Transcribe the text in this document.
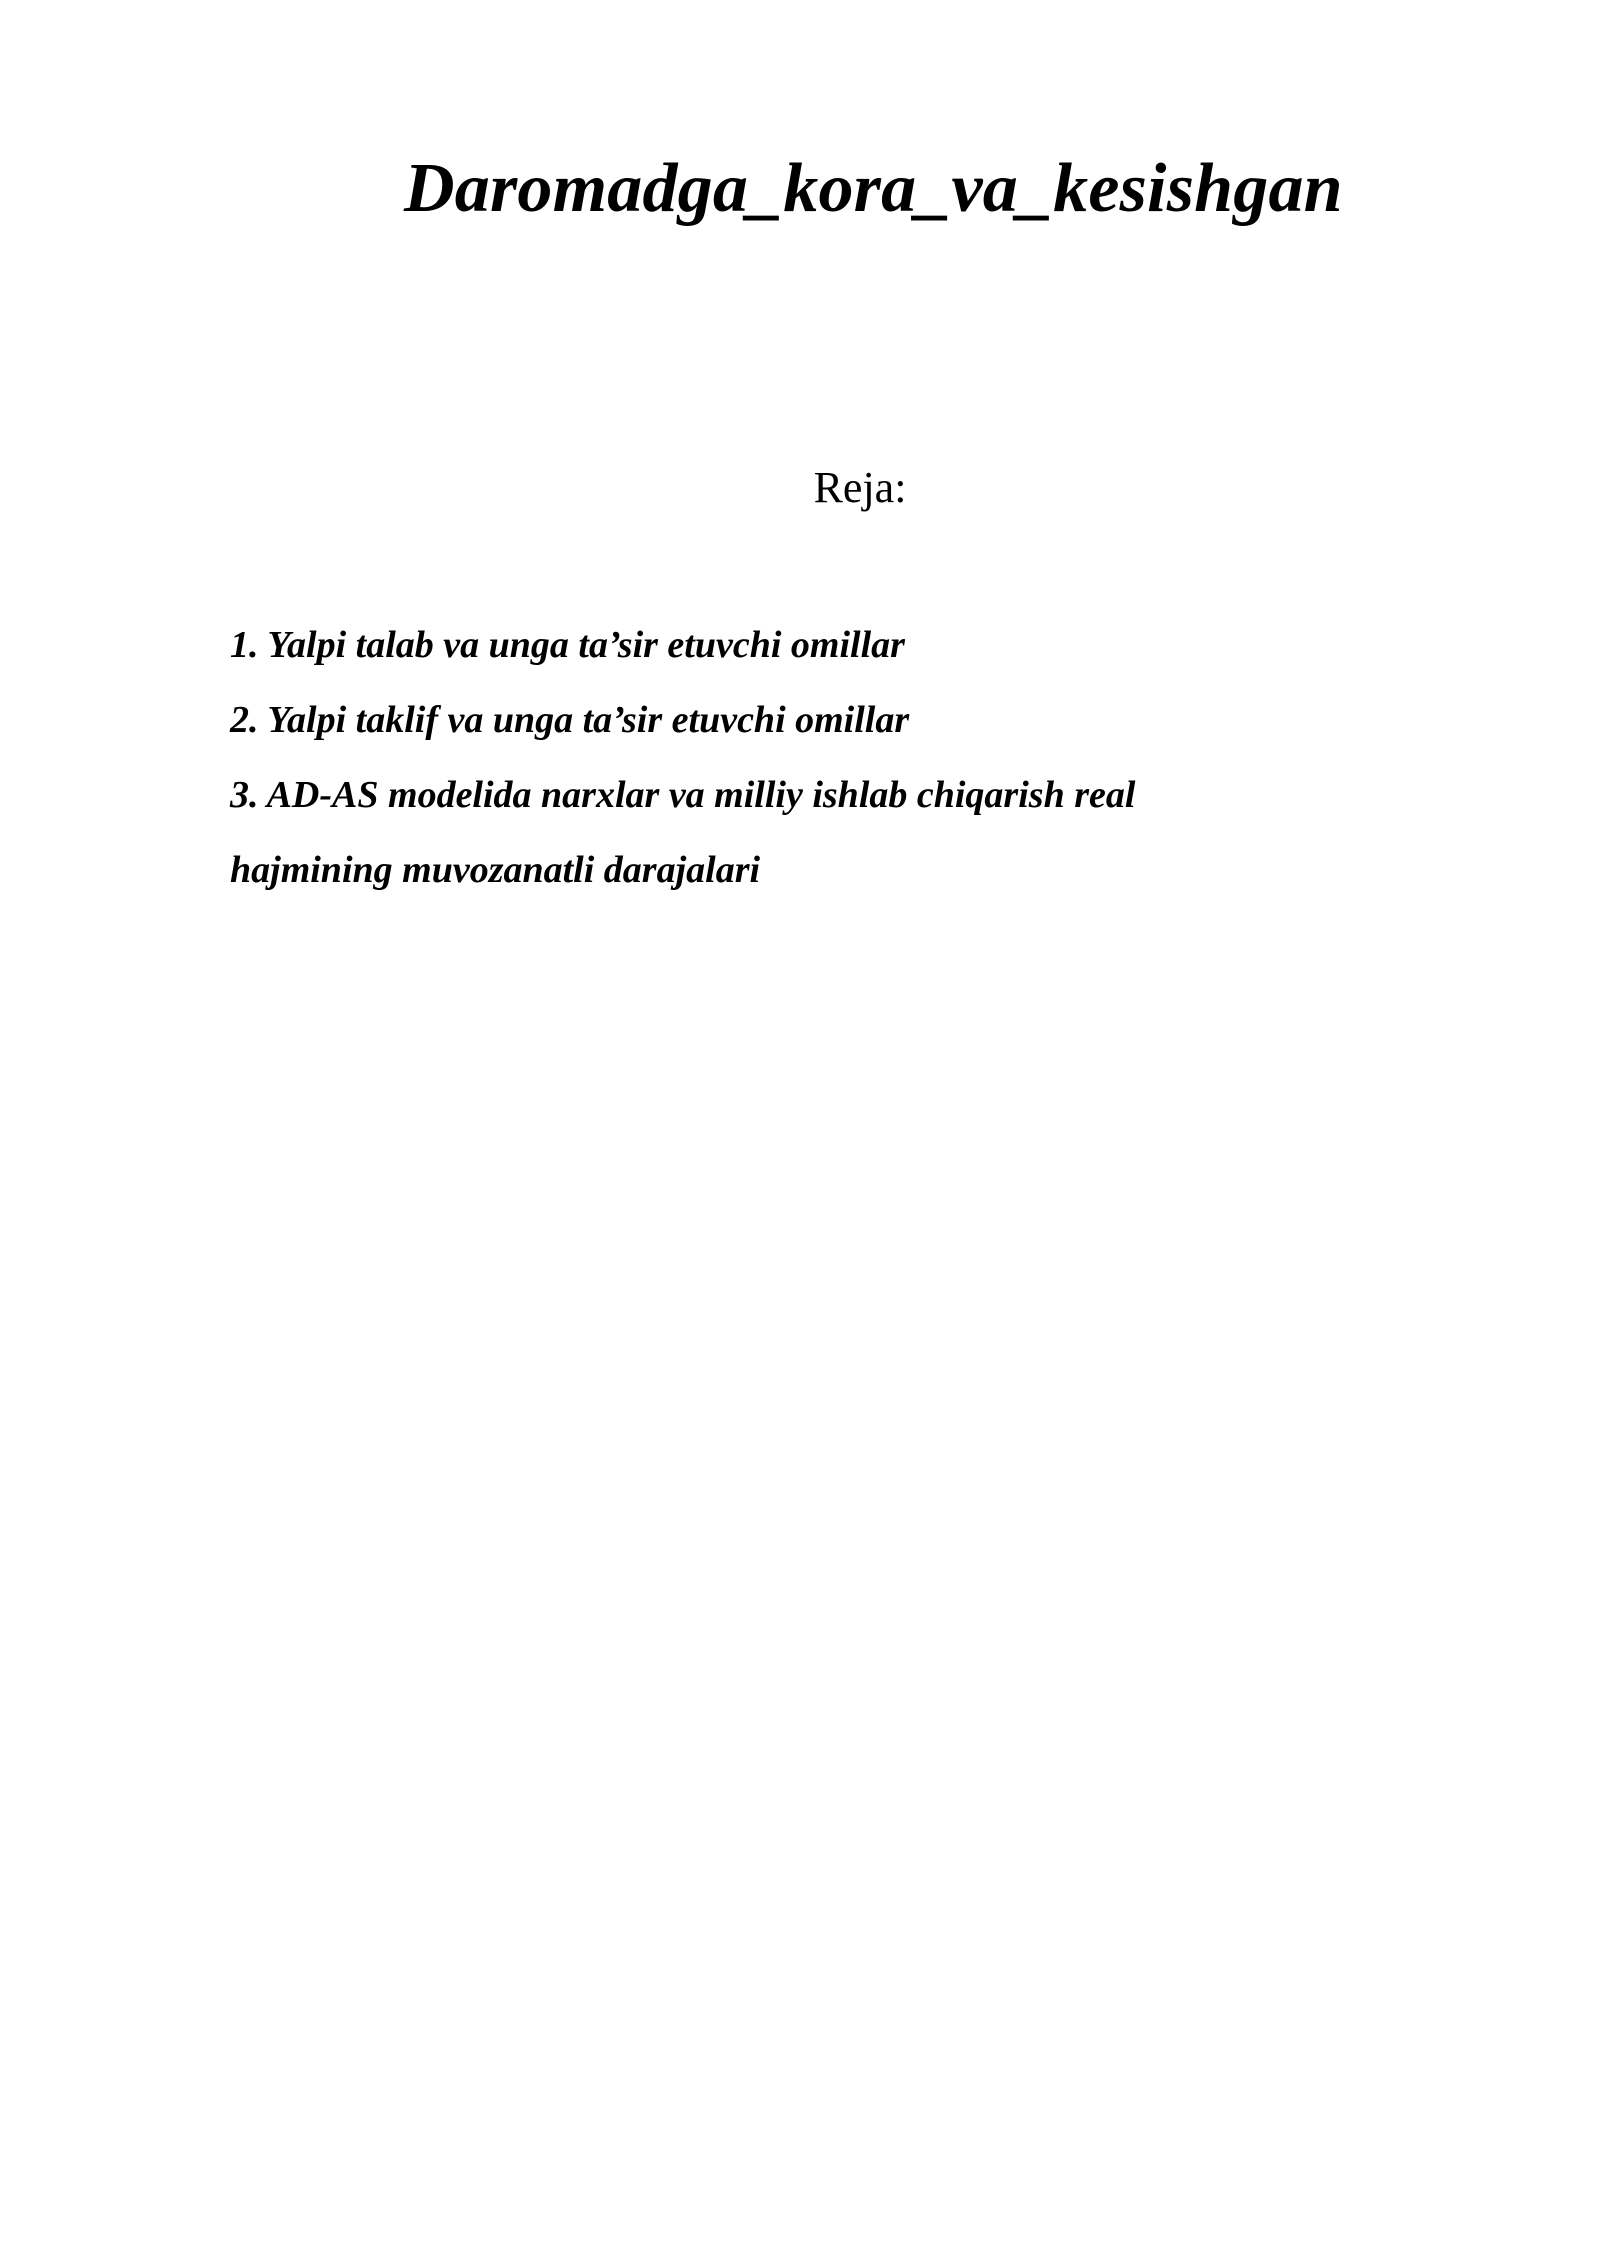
Daromadga_kora_va_kesishgan
Reja:
1. Yalpi talab va unga ta’sir etuvchi omillar
2. Yalpi taklif va unga ta’sir etuvchi omillar
3. AD-AS modelida narxlar va milliy ishlab chiqarish real
hajmining muvozanatli darajalari
